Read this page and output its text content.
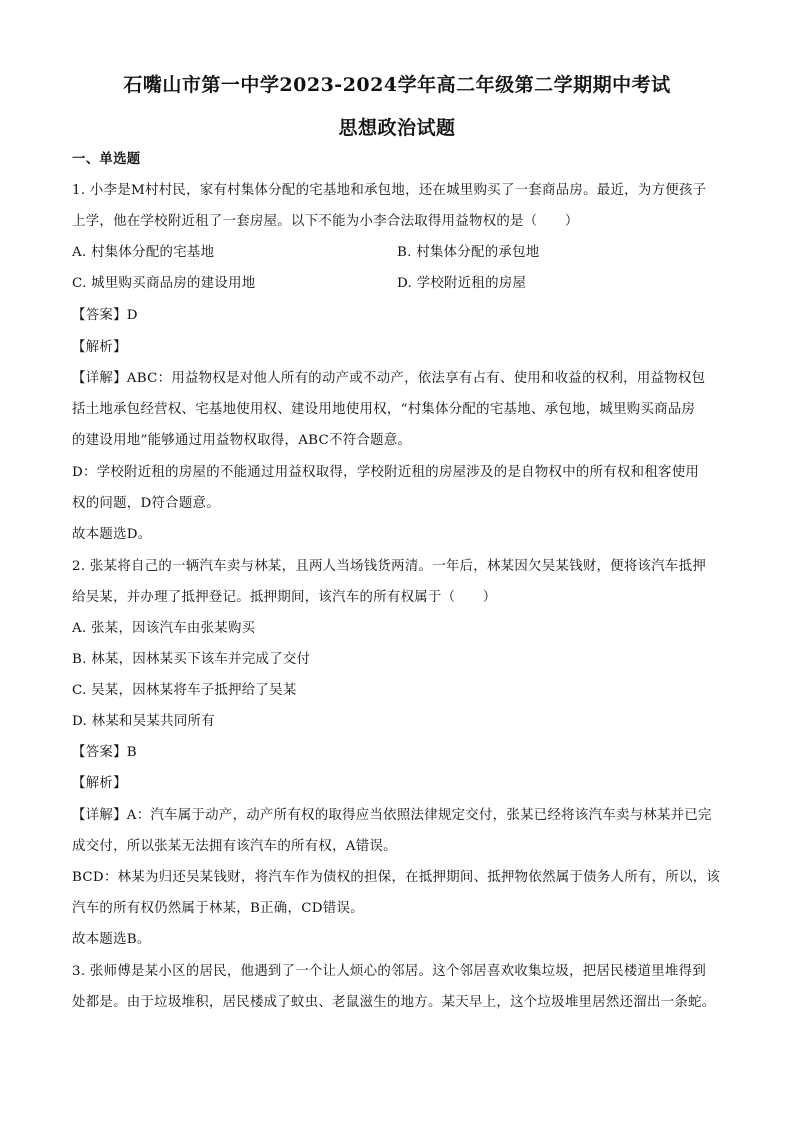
石嘴山市第一中学2023-2024学年高二年级第二学期期中考试
思想政治试题
一、单选题
1. 小李是M村村民，家有村集体分配的宅基地和承包地，还在城里购买了一套商品房。最近，为方便孩子
上学，他在学校附近租了一套房屋。以下不能为小李合法取得用益物权的是（　　）
A. 村集体分配的宅基地	B. 村集体分配的承包地
C. 城里购买商品房的建设用地	D. 学校附近租的房屋
【答案】D
【解析】
【详解】ABC：用益物权是对他人所有的动产或不动产，依法享有占有、使用和收益的权利，用益物权包
括土地承包经营权、宅基地使用权、建设用地使用权，“村集体分配的宅基地、承包地，城里购买商品房
的建设用地”能够通过用益物权取得，ABC不符合题意。
D：学校附近租的房屋的不能通过用益权取得，学校附近租的房屋涉及的是自物权中的所有权和租客使用
权的问题，D符合题意。
故本题选D。
2. 张某将自己的一辆汽车卖与林某，且两人当场钱货两清。一年后，林某因欠吴某钱财，便将该汽车抵押
给吴某，并办理了抵押登记。抵押期间，该汽车的所有权属于（　　）
A. 张某，因该汽车由张某购买
B. 林某，因林某买下该车并完成了交付
C. 吴某，因林某将车子抵押给了吴某
D. 林某和吴某共同所有
【答案】B
【解析】
【详解】A：汽车属于动产，动产所有权的取得应当依照法律规定交付，张某已经将该汽车卖与林某并已完
成交付，所以张某无法拥有该汽车的所有权，A错误。
BCD：林某为归还吴某钱财，将汽车作为债权的担保，在抵押期间、抵押物依然属于债务人所有，所以，该
汽车的所有权仍然属于林某，B正确，CD错误。
故本题选B。
3. 张师傅是某小区的居民，他遇到了一个让人烦心的邻居。这个邻居喜欢收集垃圾，把居民楼道里堆得到
处都是。由于垃圾堆积，居民楼成了蚊虫、老鼠滋生的地方。某天早上，这个垃圾堆里居然还溜出一条蛇。
